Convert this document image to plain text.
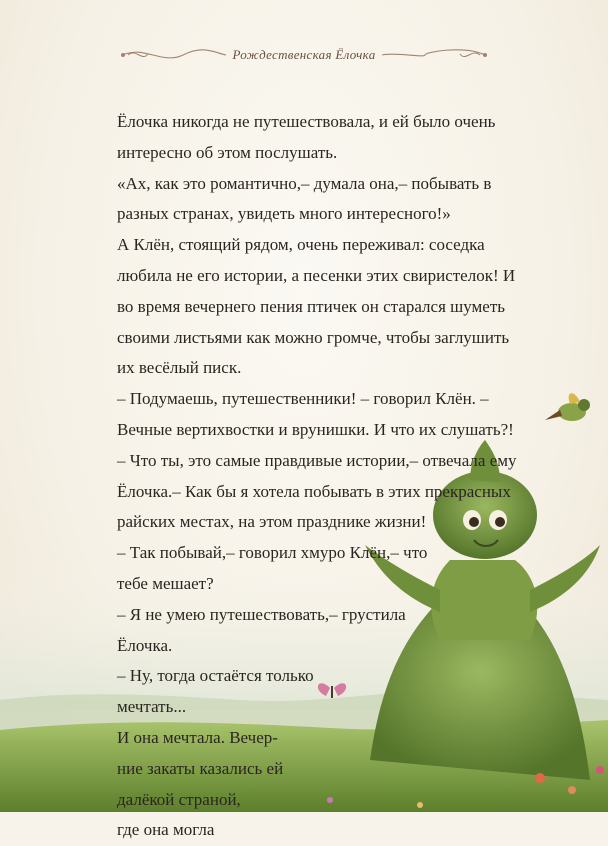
Рождественская Ёлочка

Ёлочка никогда не путешествовала, и ей было очень

интересно об этом послушать.

«Ах, как это романтично,– думала она,– побывать в

разных странах, увидеть много интересного!»

А Клён, стоящий рядом, очень переживал: соседка

любила не его истории, а песенки этих свиристелок! И

во время вечернего пения птичек он старался шуметь

своими листьями как можно громче, чтобы заглушить

их весёлый писк.

– Подумаешь, путешественники! – говорил Клён. –

Вечные вертихвостки и врунишки. И что их слушать?!

– Что ты, это самые правдивые истории,– отвечала ему

Ёлочка.– Как бы я хотела побывать в этих прекрасных

райских местах, на этом празднике жизни!

– Так побывай,– говорил хмуро Клён,– что

тебе мешает?

– Я не умею путешествовать,– грустила

Ёлочка.

– Ну, тогда остаётся только

мечтать...

И она мечтала. Вечер-

ние закаты казались ей

далёкой страной,

где она могла
